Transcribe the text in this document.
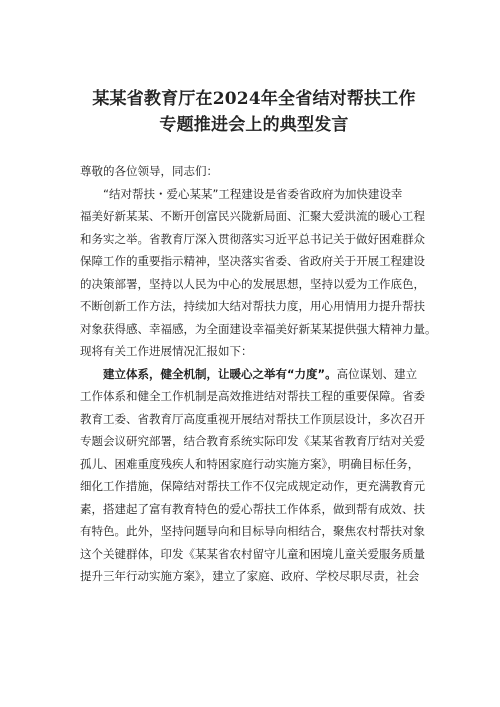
某某省教育厅在2024年全省结对帮扶工作
专题推进会上的典型发言

尊敬的各位领导，同志们：

“结对帮扶・爱心某某”工程建设是省委省政府为加快建设幸
福美好新某某、不断开创富民兴陇新局面、汇聚大爱洪流的暖心工程
和务实之举。省教育厅深入贯彻落实习近平总书记关于做好困难群众
保障工作的重要指示精神，坚决落实省委、省政府关于开展工程建设
的决策部署，坚持以人民为中心的发展思想，坚持以爱为工作底色，
不断创新工作方法，持续加大结对帮扶力度，用心用情用力提升帮扶
对象获得感、幸福感，为全面建设幸福美好新某某提供强大精神力量。
现将有关工作进展情况汇报如下：
建立体系，健全机制，让暖心之举有“力度”。高位谋划、建立
工作体系和健全工作机制是高效推进结对帮扶工程的重要保障。省委
教育工委、省教育厅高度重视开展结对帮扶工作顶层设计，多次召开
专题会议研究部署，结合教育系统实际印发《某某省教育厅结对关爱
孤儿、困难重度残疾人和特困家庭行动实施方案》，明确目标任务，
细化工作措施，保障结对帮扶工作不仅完成规定动作，更充满教育元
素，搭建起了富有教育特色的爱心帮扶工作体系，做到帮有成效、扶
有特色。此外，坚持问题导向和目标导向相结合，聚焦农村帮扶对象
这个关键群体，印发《某某省农村留守儿童和困境儿童关爱服务质量
提升三年行动实施方案》，建立了家庭、政府、学校尽职尽责，社会
